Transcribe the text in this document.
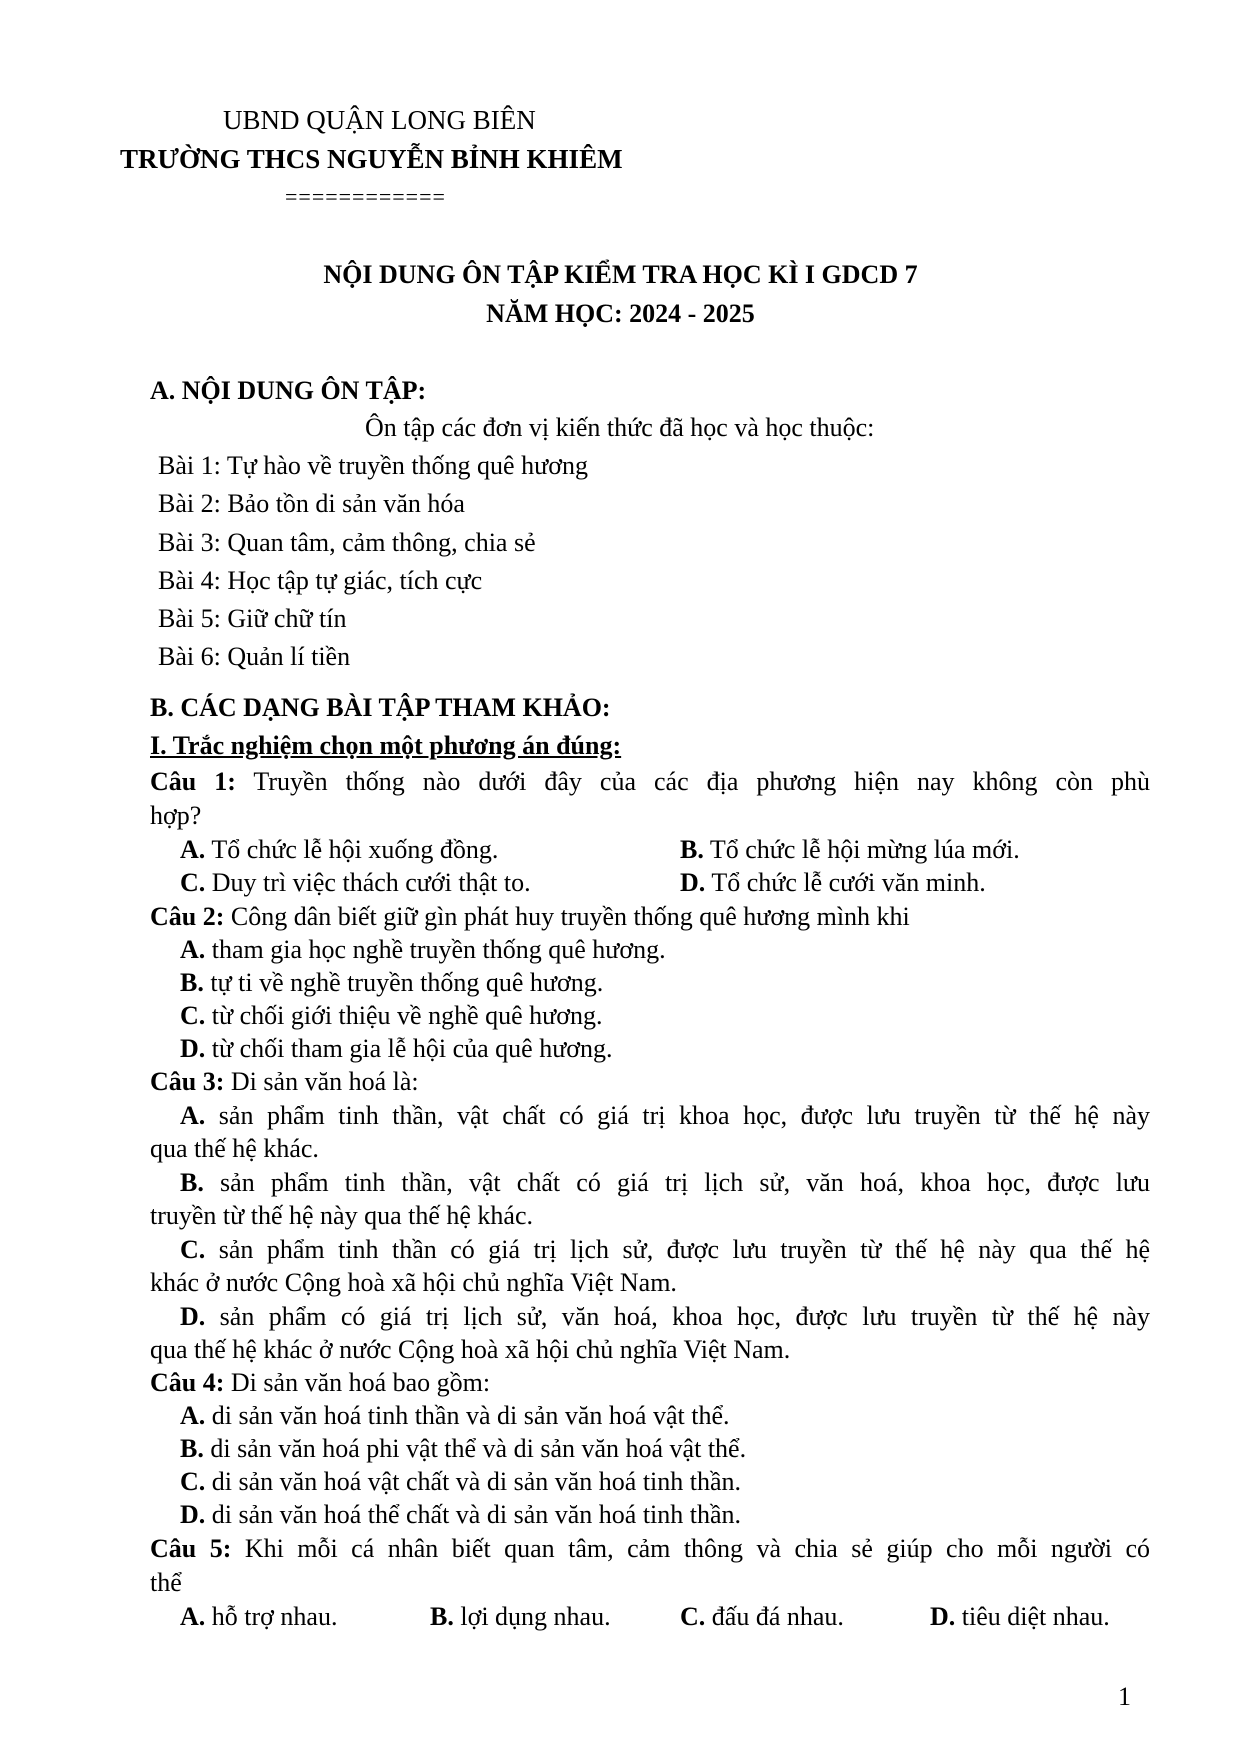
UBND QUẬN LONG BIÊN
TRƯỜNG THCS NGUYỄN BỈNH KHIÊM
============
NỘI DUNG ÔN TẬP KIỂM TRA HỌC KÌ I GDCD 7
NĂM HỌC: 2024 - 2025
A. NỘI DUNG ÔN TẬP:
Ôn tập các đơn vị kiến thức đã học và học thuộc:
Bài 1: Tự hào về truyền thống quê hương
Bài 2: Bảo tồn di sản văn hóa
Bài 3: Quan tâm, cảm thông, chia sẻ
Bài 4: Học tập tự giác, tích cực
Bài 5: Giữ chữ tín
Bài 6: Quản lí tiền
B. CÁC DẠNG BÀI TẬP THAM KHẢO:
I. Trắc nghiệm chọn một phương án đúng:
Câu 1: Truyền thống nào dưới đây của các địa phương hiện nay không còn phù
hợp?
A. Tổ chức lễ hội xuống đồng.	B. Tổ chức lễ hội mừng lúa mới.
C. Duy trì việc thách cưới thật to.	D. Tổ chức lễ cưới văn minh.
Câu 2: Công dân biết giữ gìn phát huy truyền thống quê hương mình khi
A. tham gia học nghề truyền thống quê hương.
B. tự ti về nghề truyền thống quê hương.
C. từ chối giới thiệu về nghề quê hương.
D. từ chối tham gia lễ hội của quê hương.
Câu 3: Di sản văn hoá là:
A. sản phẩm tinh thần, vật chất có giá trị khoa học, được lưu truyền từ thế hệ này
qua thế hệ khác.
B. sản phẩm tinh thần, vật chất có giá trị lịch sử, văn hoá, khoa học, được lưu
truyền từ thế hệ này qua thế hệ khác.
C. sản phẩm tinh thần có giá trị lịch sử, được lưu truyền từ thế hệ này qua thế hệ
khác ở nước Cộng hoà xã hội chủ nghĩa Việt Nam.
D. sản phẩm có giá trị lịch sử, văn hoá, khoa học, được lưu truyền từ thế hệ này
qua thế hệ khác ở nước Cộng hoà xã hội chủ nghĩa Việt Nam.
Câu 4: Di sản văn hoá bao gồm:
A. di sản văn hoá tinh thần và di sản văn hoá vật thể.
B. di sản văn hoá phi vật thể và di sản văn hoá vật thể.
C. di sản văn hoá vật chất và di sản văn hoá tinh thần.
D. di sản văn hoá thể chất và di sản văn hoá tinh thần.
Câu 5: Khi mỗi cá nhân biết quan tâm, cảm thông và chia sẻ giúp cho mỗi người có
thể
A. hỗ trợ nhau.	B. lợi dụng nhau.	C. đấu đá nhau.	D. tiêu diệt nhau.
1
